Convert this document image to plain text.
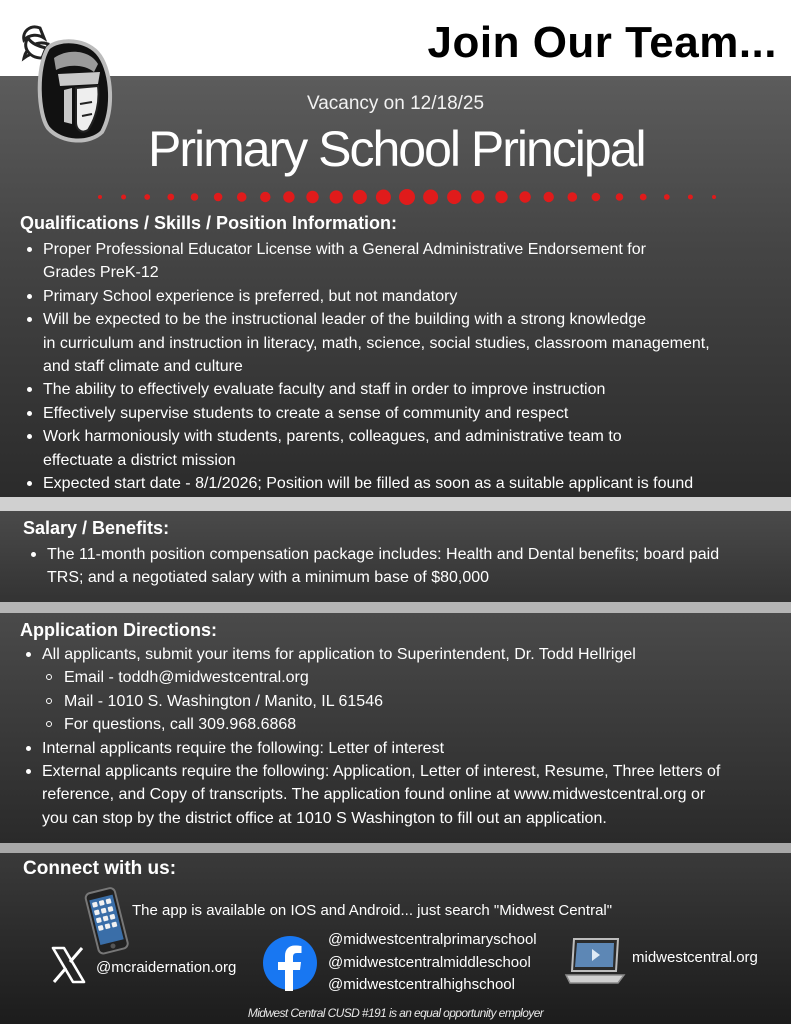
Join Our Team...
Vacancy on 12/18/25
Primary School Principal
Qualifications / Skills / Position Information:
Proper Professional Educator License with a General Administrative Endorsement for
Grades PreK-12
Primary School experience is preferred, but not mandatory
Will be expected to be the instructional leader of the building with a strong knowledge
in curriculum and instruction in literacy, math, science, social studies, classroom management,
and staff climate and culture
The ability to effectively evaluate faculty and staff in order to improve instruction
Effectively supervise students to create a sense of community and respect
Work harmoniously with students, parents, colleagues, and administrative team to
effectuate a district mission
Expected start date - 8/1/2026; Position will be filled as soon as a suitable applicant is found
Salary / Benefits:
The 11-month position compensation package includes: Health and Dental benefits; board paid
TRS; and a negotiated salary with a minimum base of $80,000
Application Directions:
All applicants, submit your items for application to Superintendent, Dr. Todd Hellrigel
Email - toddh@midwestcentral.org
Mail - 1010 S. Washington / Manito, IL 61546
For questions, call 309.968.6868
Internal applicants require the following: Letter of interest
External applicants require the following: Application, Letter of interest, Resume, Three letters of
reference, and Copy of transcripts. The application found online at www.midwestcentral.org or
you can stop by the district office at 1010 S Washington to fill out an application.
Connect with us:
The app is available on IOS and Android... just search "Midwest Central"
@mcraidernation.org
@midwestcentralprimaryschool
@midwestcentralmiddleschool
@midwestcentralhighschool
midwestcentral.org
Midwest Central CUSD #191 is an equal opportunity employer
